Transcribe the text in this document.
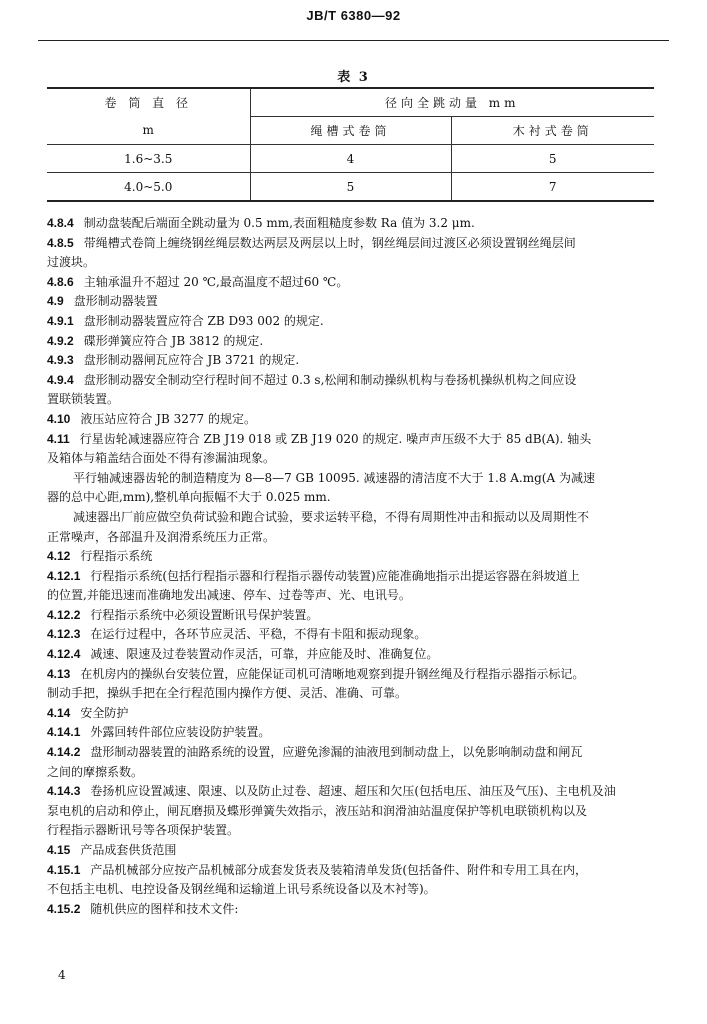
JB/T 6380—92
表 3
卷 筒 直 径	径向全跳动量 mm	
m	绳槽式卷筒	木衬式卷筒
1.6~3.5	4	5
4.0~5.0	5	7
4.8.4 制动盘装配后端面全跳动量为 0.5 mm,表面粗糙度参数 Ra 值为 3.2 μm.
4.8.5 带绳槽式卷筒上缠绕钢丝绳层数达两层及两层以上时，钢丝绳层间过渡区必须设置钢丝绳层间
过渡块。
4.8.6 主轴承温升不超过 20 ℃,最高温度不超过60 ℃。
4.9 盘形制动器装置
4.9.1 盘形制动器装置应符合 ZB D93 002 的规定.
4.9.2 碟形弹簧应符合 JB 3812 的规定.
4.9.3 盘形制动器闸瓦应符合 JB 3721 的规定.
4.9.4 盘形制动器安全制动空行程时间不超过 0.3 s,松闸和制动操纵机构与卷扬机操纵机构之间应设
置联锁装置。
4.10 液压站应符合 JB 3277 的规定。
4.11 行星齿轮减速器应符合 ZB J19 018 或 ZB J19 020 的规定. 噪声声压级不大于 85 dB(A). 轴头
及箱体与箱盖结合面处不得有渗漏油现象。
平行轴减速器齿轮的制造精度为 8—8—7 GB 10095. 减速器的清洁度不大于 1.8 A.mg(A 为减速
器的总中心距,mm),整机单向振幅不大于 0.025 mm.
减速器出厂前应做空负荷试验和跑合试验，要求运转平稳，不得有周期性冲击和振动以及周期性不
正常噪声，各部温升及润滑系统压力正常。
4.12 行程指示系统
4.12.1 行程指示系统(包括行程指示器和行程指示器传动装置)应能准确地指示出提运容器在斜坡道上
的位置,并能迅速而准确地发出减速、停车、过卷等声、光、电讯号。
4.12.2 行程指示系统中必须设置断讯号保护装置。
4.12.3 在运行过程中，各环节应灵活、平稳，不得有卡阻和振动现象。
4.12.4 减速、限速及过卷装置动作灵活，可靠，并应能及时、准确复位。
4.13 在机房内的操纵台安装位置，应能保证司机可清晰地观察到提升钢丝绳及行程指示器指示标记。
制动手把，操纵手把在全行程范围内操作方便、灵活、准确、可靠。
4.14 安全防护
4.14.1 外露回转件部位应装设防护装置。
4.14.2 盘形制动器装置的油路系统的设置，应避免渗漏的油液甩到制动盘上，以免影响制动盘和闸瓦
之间的摩擦系数。
4.14.3 卷扬机应设置减速、限速、以及防止过卷、超速、超压和欠压(包括电压、油压及气压)、主电机及油
泵电机的启动和停止，闸瓦磨损及蝶形弹簧失效指示，液压站和润滑油站温度保护等机电联锁机构以及
行程指示器断讯号等各项保护装置。
4.15 产品成套供货范围
4.15.1 产品机械部分应按产品机械部分成套发货表及装箱清单发货(包括备件、附件和专用工具在内，
不包括主电机、电控设备及钢丝绳和运输道上讯号系统设备以及木衬等)。
4.15.2 随机供应的图样和技术文件:
4
